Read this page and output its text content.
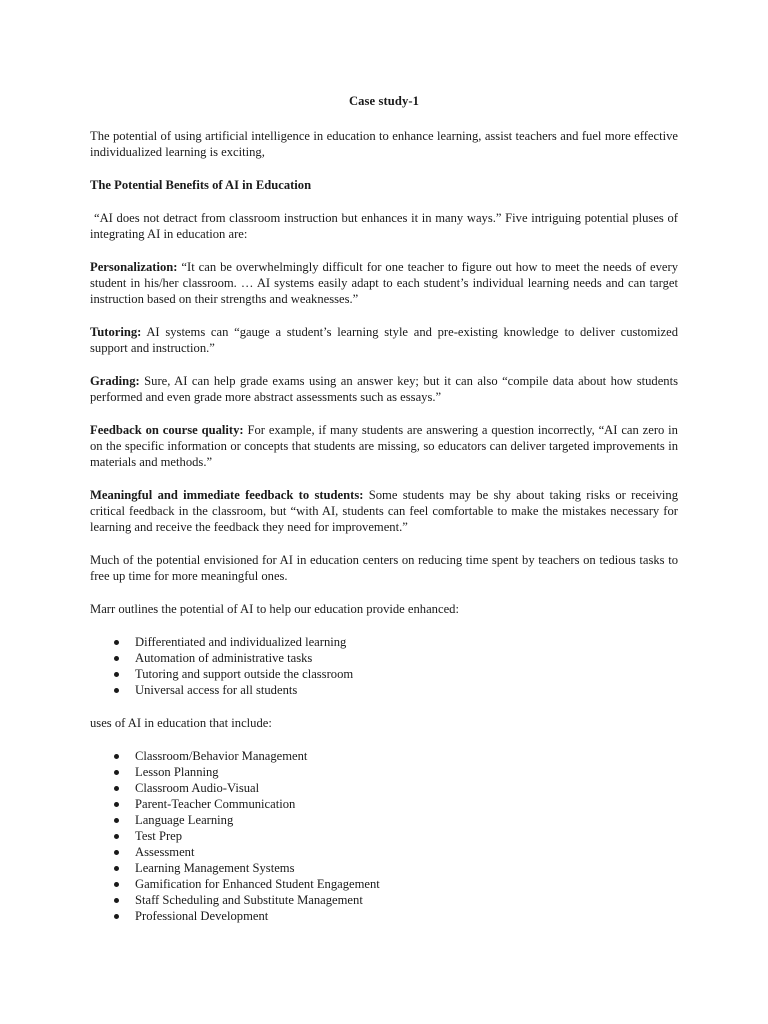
Case study-1

The potential of using artificial intelligence in education to enhance learning, assist teachers and fuel more effective individualized learning is exciting,

The Potential Benefits of AI in Education

“AI does not detract from classroom instruction but enhances it in many ways.” Five intriguing potential pluses of integrating AI in education are:

Personalization: “It can be overwhelmingly difficult for one teacher to figure out how to meet the needs of every student in his/her classroom. … AI systems easily adapt to each student’s individual learning needs and can target instruction based on their strengths and weaknesses.”

Tutoring: AI systems can “gauge a student’s learning style and pre-existing knowledge to deliver customized support and instruction.”

Grading: Sure, AI can help grade exams using an answer key; but it can also “compile data about how students performed and even grade more abstract assessments such as essays.”

Feedback on course quality: For example, if many students are answering a question incorrectly, “AI can zero in on the specific information or concepts that students are missing, so educators can deliver targeted improvements in materials and methods.”

Meaningful and immediate feedback to students: Some students may be shy about taking risks or receiving critical feedback in the classroom, but “with AI, students can feel comfortable to make the mistakes necessary for learning and receive the feedback they need for improvement.”

Much of the potential envisioned for AI in education centers on reducing time spent by teachers on tedious tasks to free up time for more meaningful ones.

Marr outlines the potential of AI to help our education provide enhanced:

Differentiated and individualized learning
Automation of administrative tasks
Tutoring and support outside the classroom
Universal access for all students

uses of AI in education that include:

Classroom/Behavior Management
Lesson Planning
Classroom Audio-Visual
Parent-Teacher Communication
Language Learning
Test Prep
Assessment
Learning Management Systems
Gamification for Enhanced Student Engagement
Staff Scheduling and Substitute Management
Professional Development
